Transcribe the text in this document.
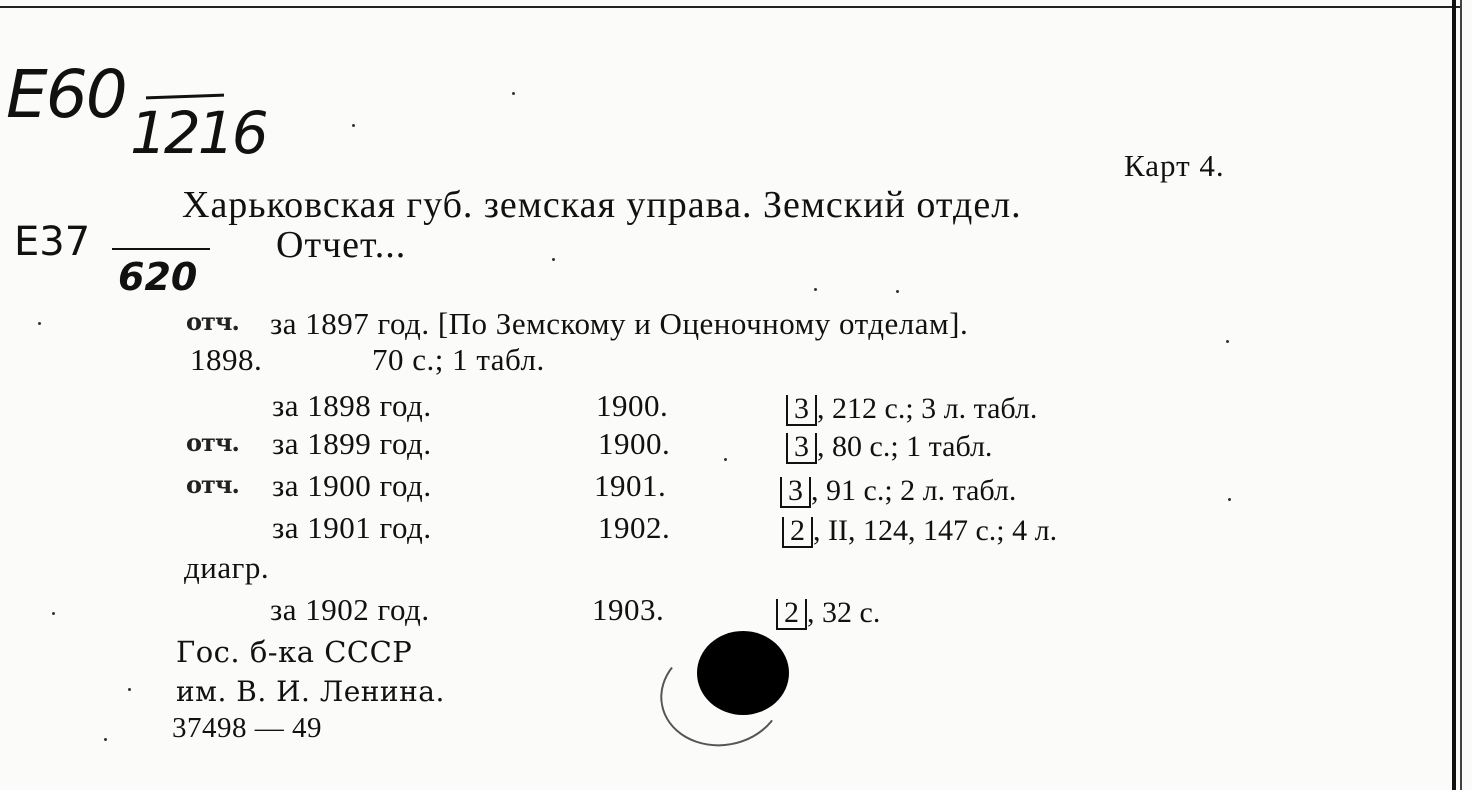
E60 1216
E37
620
Карт 4.
Харьковская губ. земская управа. Земский отдел.
Отчет...
отч. за 1897 год. [По Земскому и Оценочному отделам].
1898.	70 с.; 1 табл.
за 1898 год.	1900.	3 , 212 с.; 3 л. табл.
отч. за 1899 год.	1900.	3 , 80 с.; 1 табл.
отч. за 1900 год.	1901.	3 , 91 с.; 2 л. табл.
за 1901 год.	1902.	2 , II, 124, 147 с.; 4 л.
диагр.
за 1902 год.	1903.	2 , 32 с.
Гос. б-ка СССР
им. В. И. Ленина.
37498 — 49
